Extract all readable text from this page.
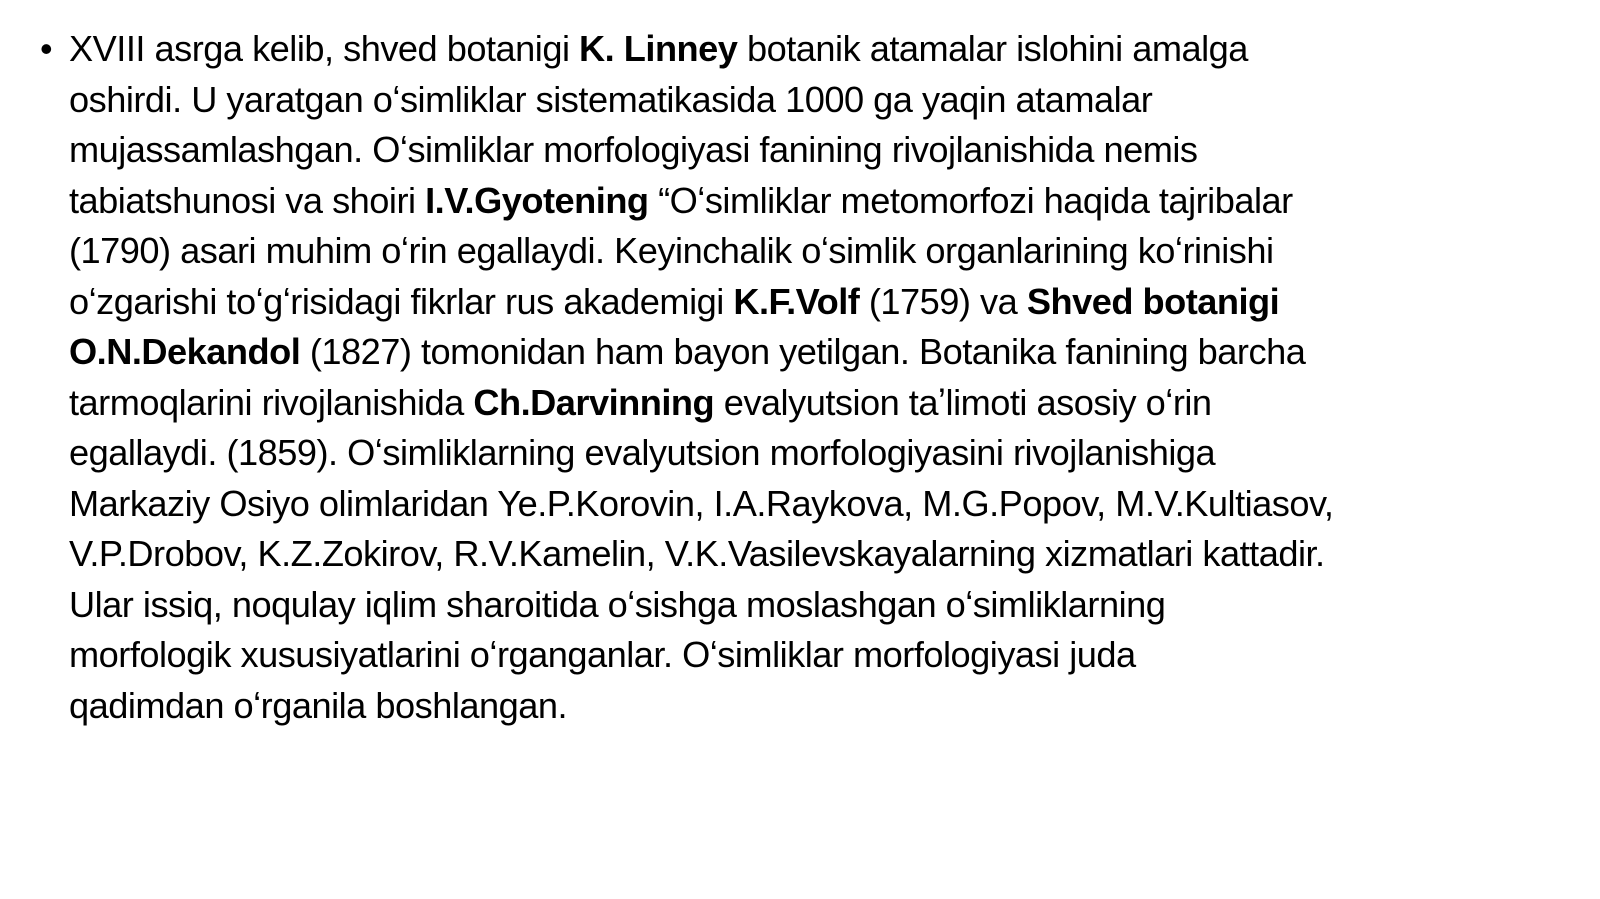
• XVIII asrga kelib, shved botanigi K. Linney botanik atamalar islohini amalga
oshirdi. U yaratgan oʻsimliklar sistematikasida 1000 ga yaqin atamalar
mujassamlashgan. Oʻsimliklar morfologiyasi fanining rivojlanishida nemis
tabiatshunosi va shoiri I.V.Gyotening “Oʻsimliklar metomorfozi haqida tajribalar
(1790) asari muhim oʻrin egallaydi. Keyinchalik oʻsimlik organlarining koʻrinishi
oʻzgarishi toʻgʻrisidagi fikrlar rus akademigi K.F.Volf (1759) va Shved botanigi
O.N.Dekandol (1827) tomonidan ham bayon yetilgan. Botanika fanining barcha
tarmoqlarini rivojlanishida Ch.Darvinning evalyutsion taʼlimoti asosiy oʻrin
egallaydi. (1859). Oʻsimliklarning evalyutsion morfologiyasini rivojlanishiga
Markaziy Osiyo olimlaridan Ye.P.Korovin, I.A.Raykova, M.G.Popov, M.V.Kultiasov,
V.P.Drobov, K.Z.Zokirov, R.V.Kamelin, V.K.Vasilevskayalarning xizmatlari kattadir.
Ular issiq, noqulay iqlim sharoitida oʻsishga moslashgan oʻsimliklarning
morfologik xususiyatlarini oʻrganganlar. Oʻsimliklar morfologiyasi juda
qadimdan oʻrganila boshlangan.
